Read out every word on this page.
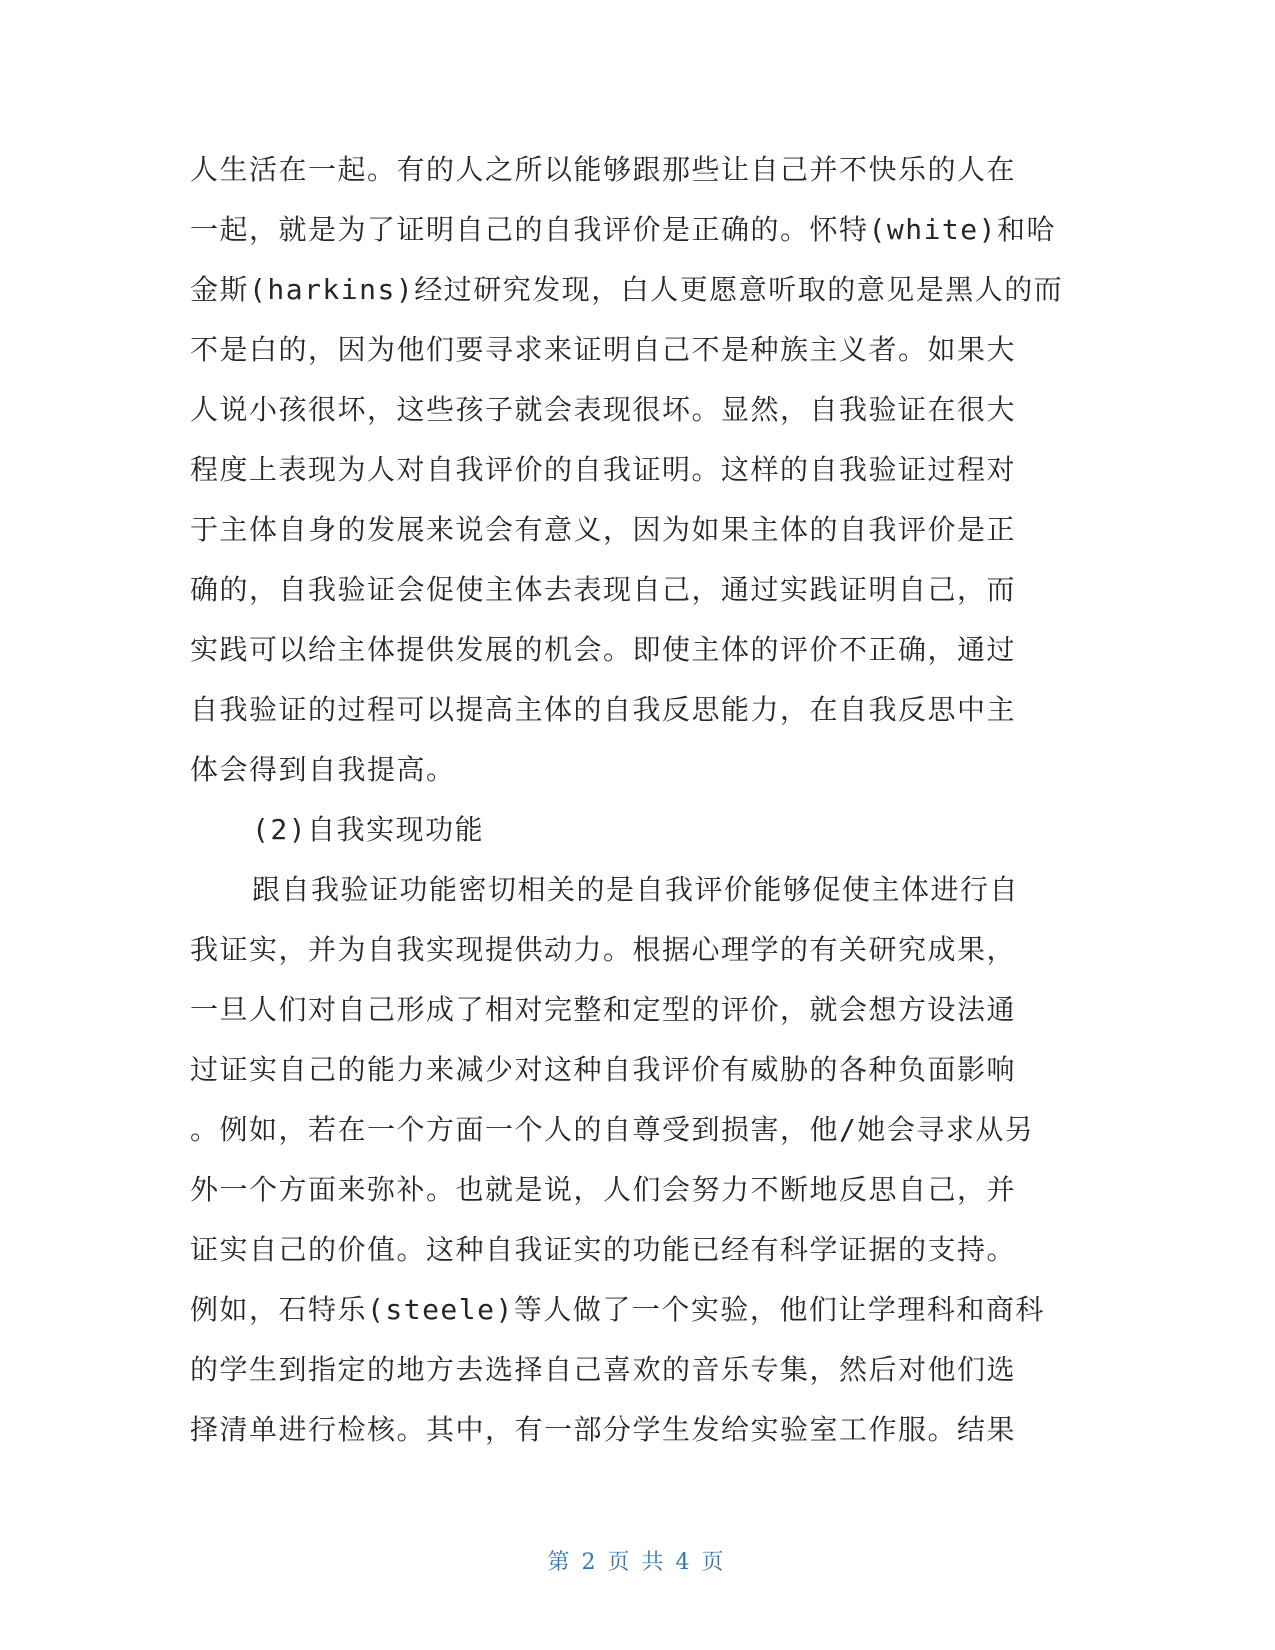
人生活在一起。有的人之所以能够跟那些让自己并不快乐的人在
一起，就是为了证明自己的自我评价是正确的。怀特(white)和哈
金斯(harkins)经过研究发现，白人更愿意听取的意见是黑人的而
不是白的，因为他们要寻求来证明自己不是种族主义者。如果大
人说小孩很坏，这些孩子就会表现很坏。显然，自我验证在很大
程度上表现为人对自我评价的自我证明。这样的自我验证过程对
于主体自身的发展来说会有意义，因为如果主体的自我评价是正
确的，自我验证会促使主体去表现自己，通过实践证明自己，而
实践可以给主体提供发展的机会。即使主体的评价不正确，通过
自我验证的过程可以提高主体的自我反思能力，在自我反思中主
体会得到自我提高。
(2)自我实现功能
跟自我验证功能密切相关的是自我评价能够促使主体进行自
我证实，并为自我实现提供动力。根据心理学的有关研究成果，
一旦人们对自己形成了相对完整和定型的评价，就会想方设法通
过证实自己的能力来减少对这种自我评价有威胁的各种负面影响
。例如，若在一个方面一个人的自尊受到损害，他/她会寻求从另
外一个方面来弥补。也就是说，人们会努力不断地反思自己，并
证实自己的价值。这种自我证实的功能已经有科学证据的支持。
例如，石特乐(steele)等人做了一个实验，他们让学理科和商科
的学生到指定的地方去选择自己喜欢的音乐专集，然后对他们选
择清单进行检核。其中，有一部分学生发给实验室工作服。结果
第 2 页 共 4 页
